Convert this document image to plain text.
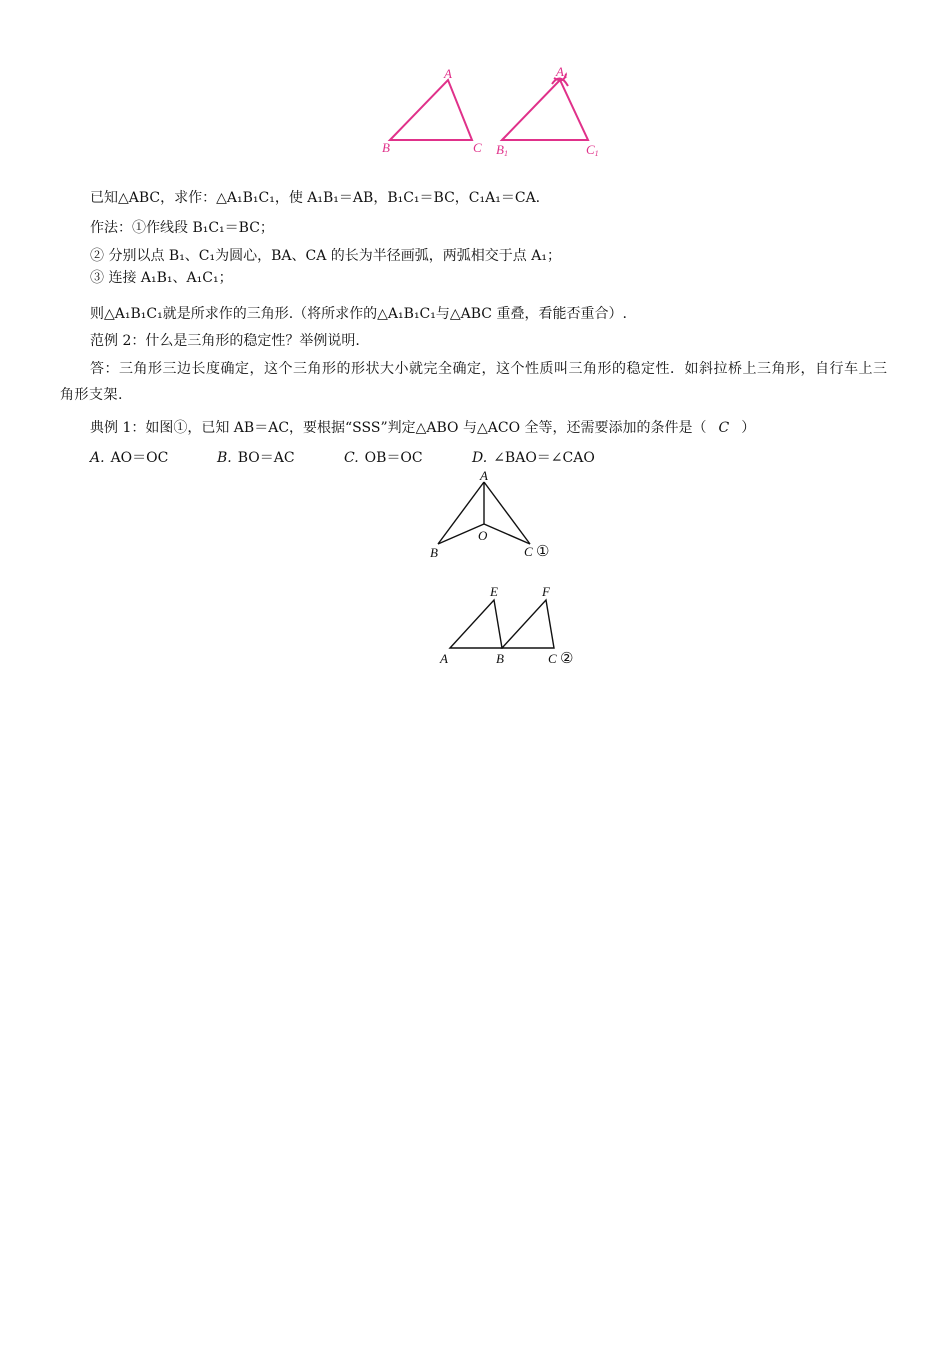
A
B	C
A1
B1	C1
已知△ABC，求作：△A₁B₁C₁，使 A₁B₁＝AB，B₁C₁＝BC，C₁A₁＝CA.
作法：①作线段 B₁C₁＝BC；
② 分别以点 B₁、C₁为圆心，BA、CA 的长为半径画弧，两弧相交于点 A₁；
③ 连接 A₁B₁、A₁C₁；
则△A₁B₁C₁就是所求作的三角形.（将所求作的△A₁B₁C₁与△ABC 重叠，看能否重合）.
范例 2：什么是三角形的稳定性？举例说明.
答：三角形三边长度确定，这个三角形的形状大小就完全确定，这个性质叫三角形的稳定性．如斜拉桥上三角形，自行车上三角形支架.
典例 1：如图①，已知 AB＝AC，要根据“SSS”判定△ABO 与△ACO 全等，还需要添加的条件是（ C ）
A. AO＝OC	B. BO＝AC	C. OB＝OC	D. ∠BAO＝∠CAO
A
B
O
C ①
E	F
A	B	C ②
